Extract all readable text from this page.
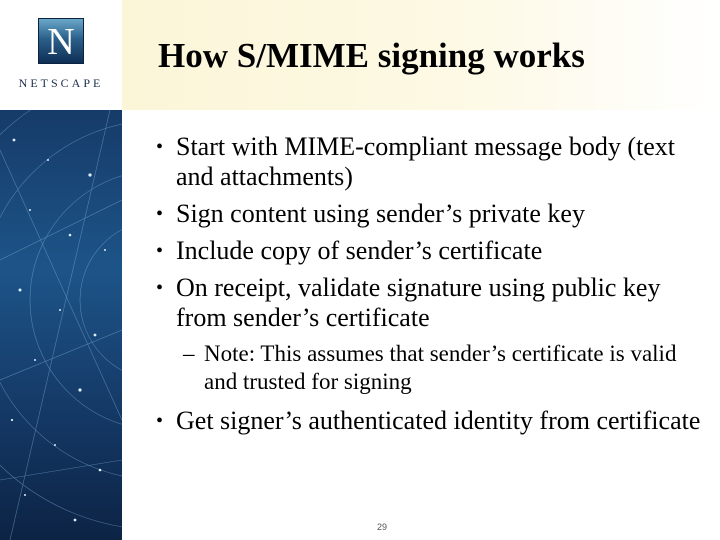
N
NETSCAPE
How S/MIME signing works
• Start with MIME-compliant message body (text and attachments)
• Sign content using sender’s private key
• Include copy of sender’s certificate
• On receipt, validate signature using public key from sender’s certificate
– Note: This assumes that sender’s certificate is valid and trusted for signing
• Get signer’s authenticated identity from certificate
29
